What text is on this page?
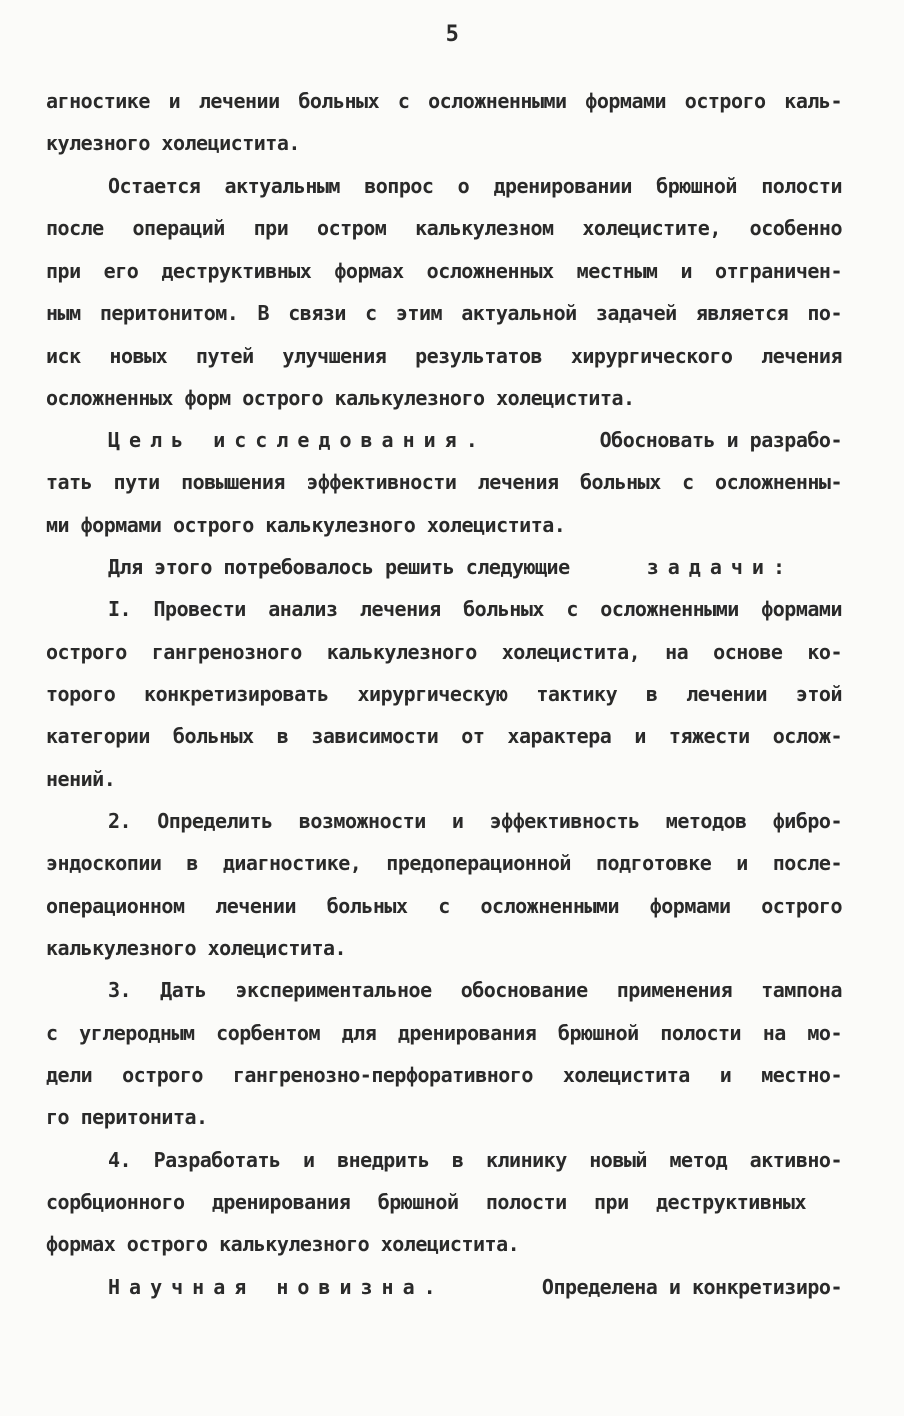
5
агностике и лечении больных с осложненными формами острого каль-
кулезного холецистита.
Остается актуальным вопрос о дренировании брюшной полости
после операций при остром калькулезном холецистите, особенно
при его деструктивных формах осложненных местным и отграничен-
ным перитонитом. В связи с этим актуальной задачей является по-
иск новых путей улучшения результатов хирургического лечения
осложненных форм острого калькулезного холецистита.
Цель исследования.	Обосновать и разрабо-
тать пути повышения эффективности лечения больных с осложненны-
ми формами острого калькулезного холецистита.
Для этого потребовалось решить следующие	задачи:
I. Провести анализ лечения больных с осложненными формами
острого гангренозного калькулезного холецистита, на основе ко-
торого конкретизировать хирургическую тактику в лечении этой
категории больных в зависимости от характера и тяжести ослож-
нений.
2. Определить возможности и эффективность методов фибро-
эндоскопии в диагностике, предоперационной подготовке и после-
операционном лечении больных с осложненными формами острого
калькулезного холецистита.
3. Дать экспериментальное обоснование применения тампона
с углеродным сорбентом для дренирования брюшной полости на мо-
дели острого гангренозно-перфоративного холецистита и местно-
го перитонита.
4. Разработать и внедрить в клинику новый метод активно-
сорбционного дренирования брюшной полости при деструктивных
формах острого калькулезного холецистита.
Научная новизна.	Определена и конкретизиро-
